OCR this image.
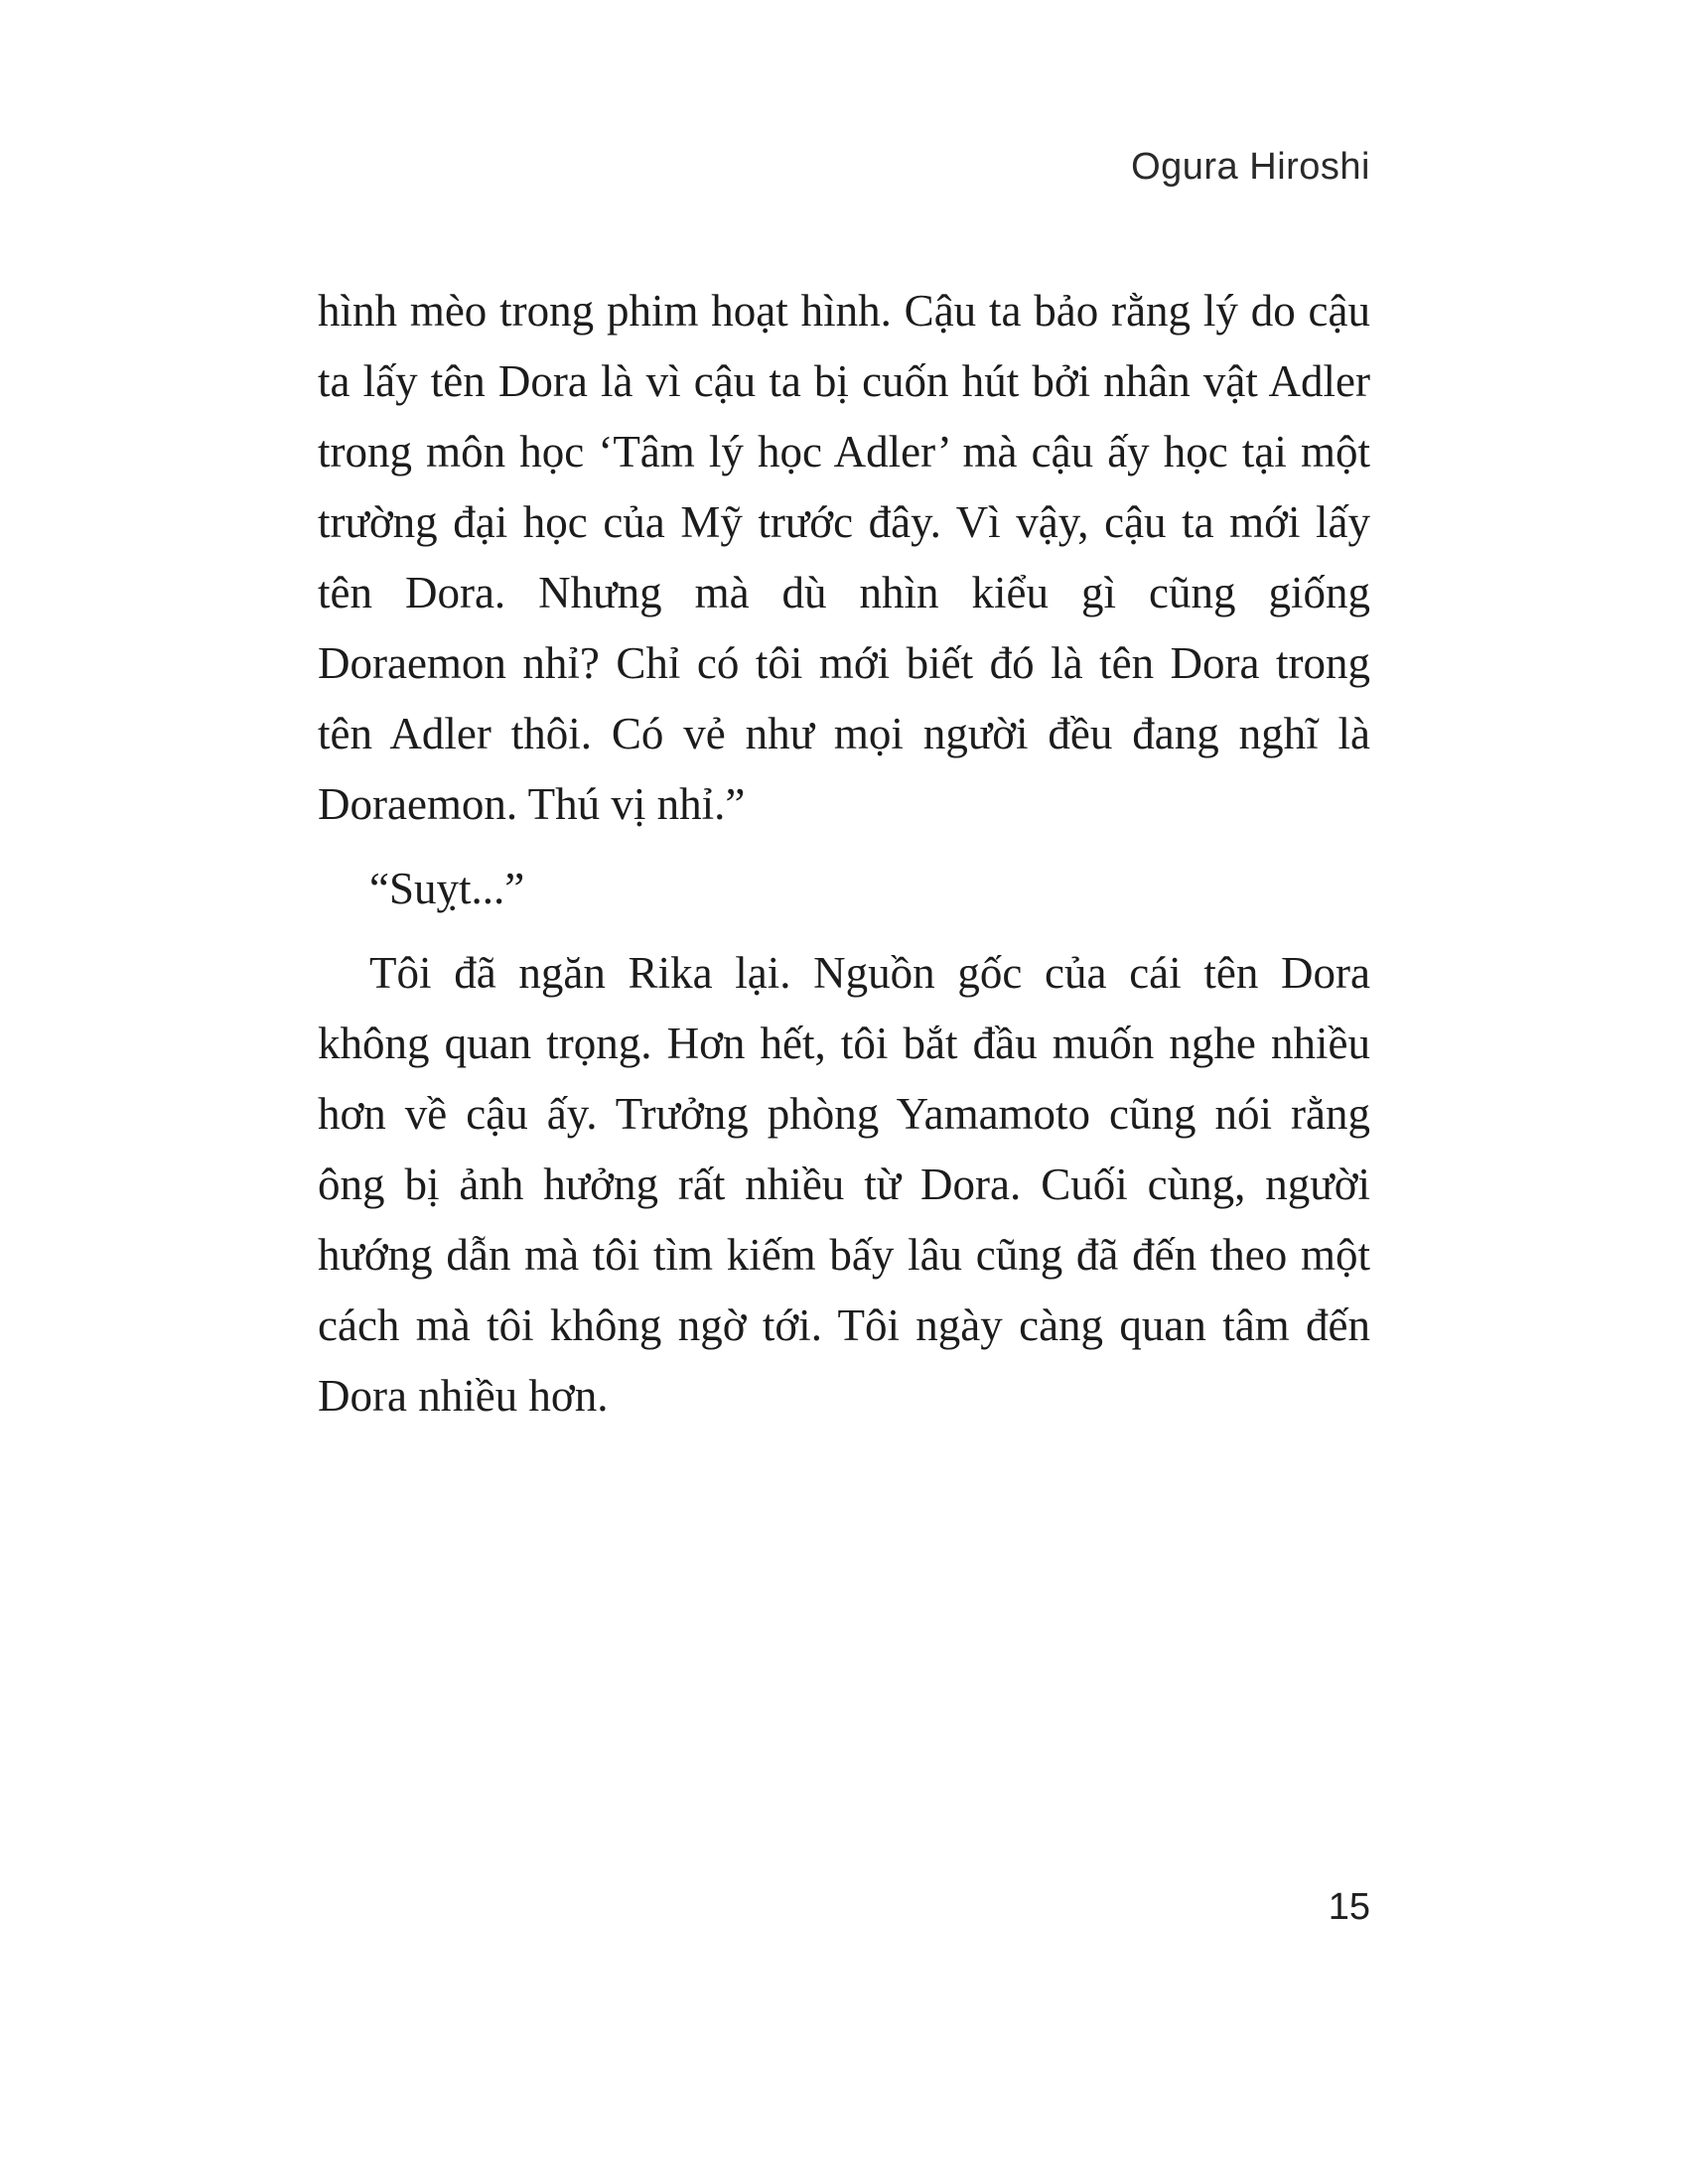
Ogura Hiroshi

hình mèo trong phim hoạt hình. Cậu ta bảo rằng lý do cậu ta lấy tên Dora là vì cậu ta bị cuốn hút bởi nhân vật Adler trong môn học ‘Tâm lý học Adler’ mà cậu ấy học tại một trường đại học của Mỹ trước đây. Vì vậy, cậu ta mới lấy tên Dora. Nhưng mà dù nhìn kiểu gì cũng giống Doraemon nhỉ? Chỉ có tôi mới biết đó là tên Dora trong tên Adler thôi. Có vẻ như mọi người đều đang nghĩ là Doraemon. Thú vị nhỉ.”

“Suỵt...”

Tôi đã ngăn Rika lại. Nguồn gốc của cái tên Dora không quan trọng. Hơn hết, tôi bắt đầu muốn nghe nhiều hơn về cậu ấy. Trưởng phòng Yamamoto cũng nói rằng ông bị ảnh hưởng rất nhiều từ Dora. Cuối cùng, người hướng dẫn mà tôi tìm kiếm bấy lâu cũng đã đến theo một cách mà tôi không ngờ tới. Tôi ngày càng quan tâm đến Dora nhiều hơn.

15
